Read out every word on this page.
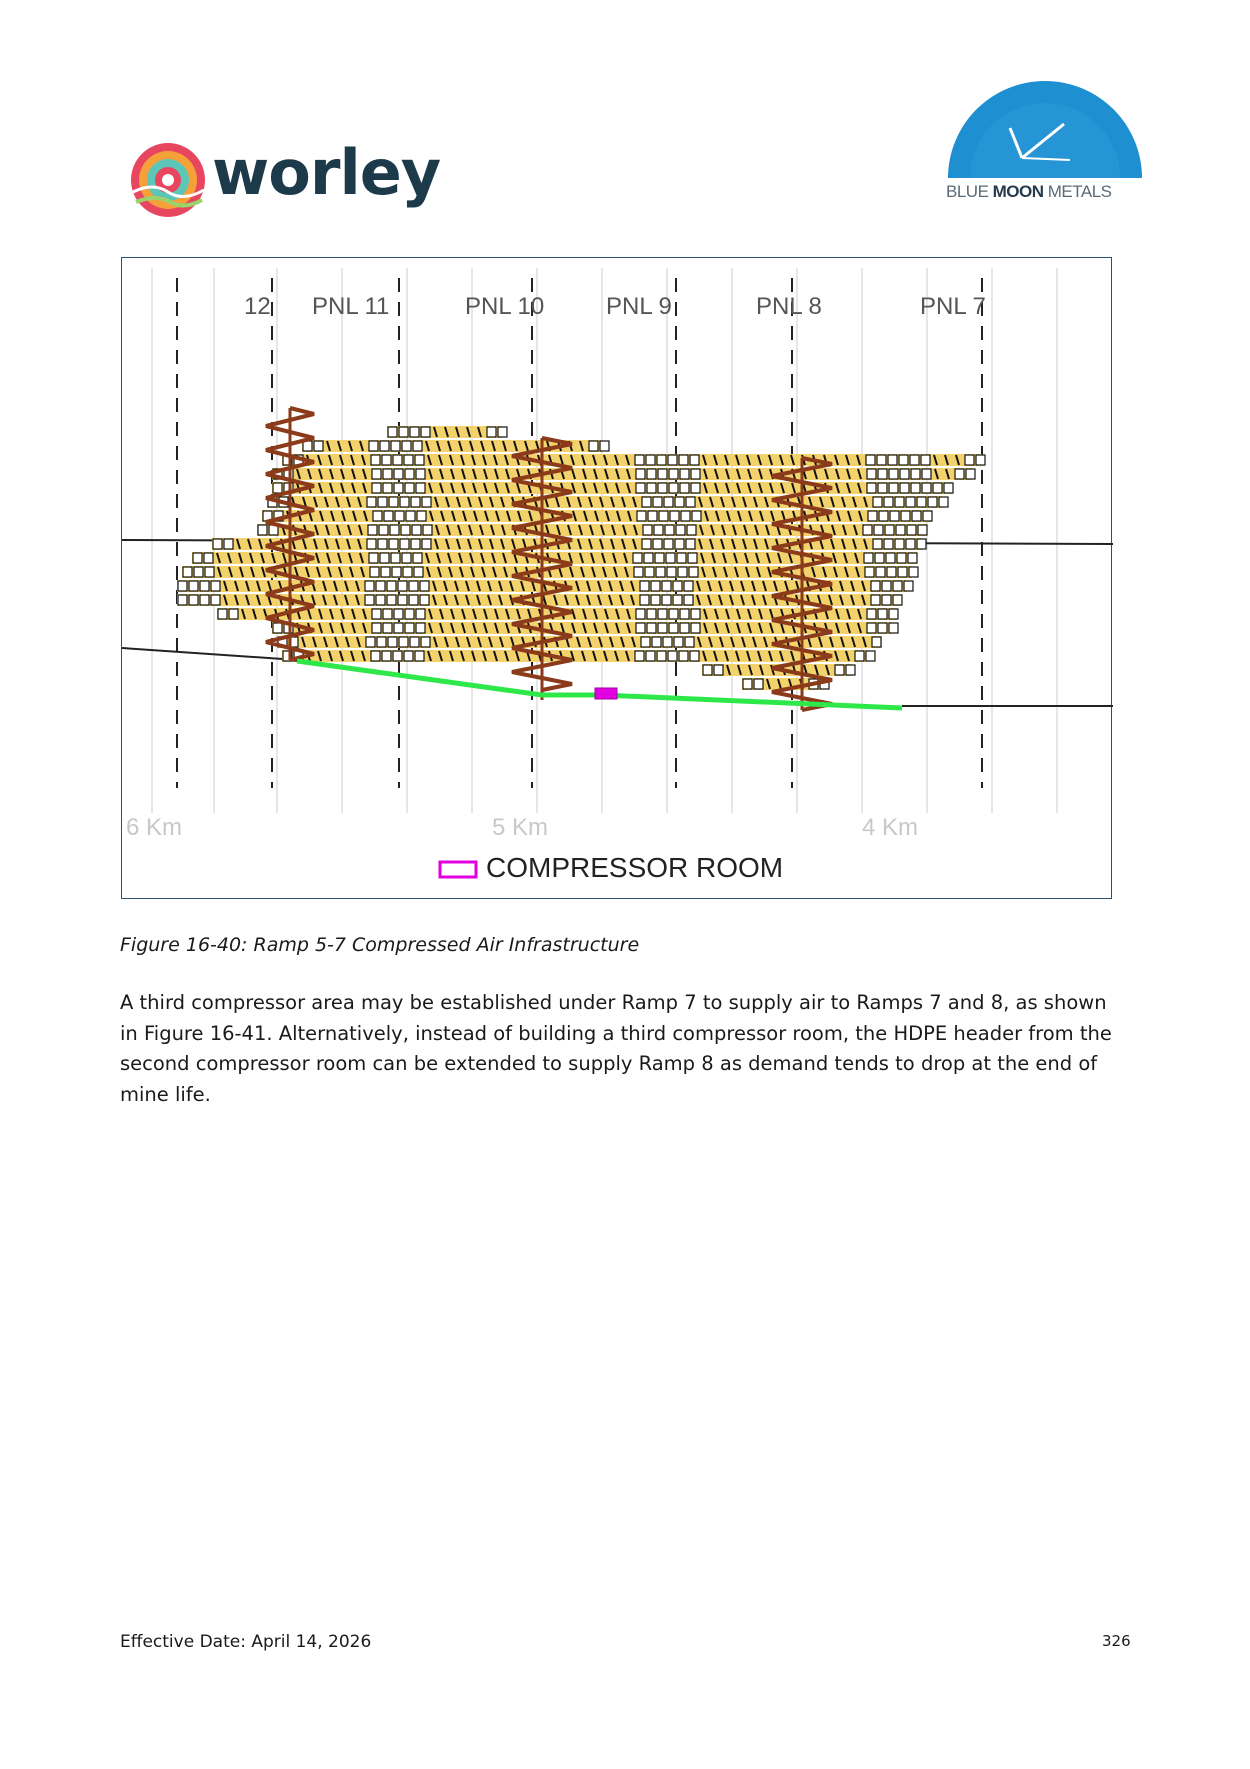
worley	BLUE MOON METALS
12 PNL 11	PNL 10	PNL 9	PNL 8	PNL 7
6 Km	5 Km	4 Km
COMPRESSOR ROOM
Figure 16-40: Ramp 5-7 Compressed Air Infrastructure

A third compressor area may be established under Ramp 7 to supply air to Ramps 7 and 8, as shown in Figure 16-41. Alternatively, instead of building a third compressor room, the HDPE header from the second compressor room can be extended to supply Ramp 8 as demand tends to drop at the end of mine life.

Effective Date: April 14, 2026	326
